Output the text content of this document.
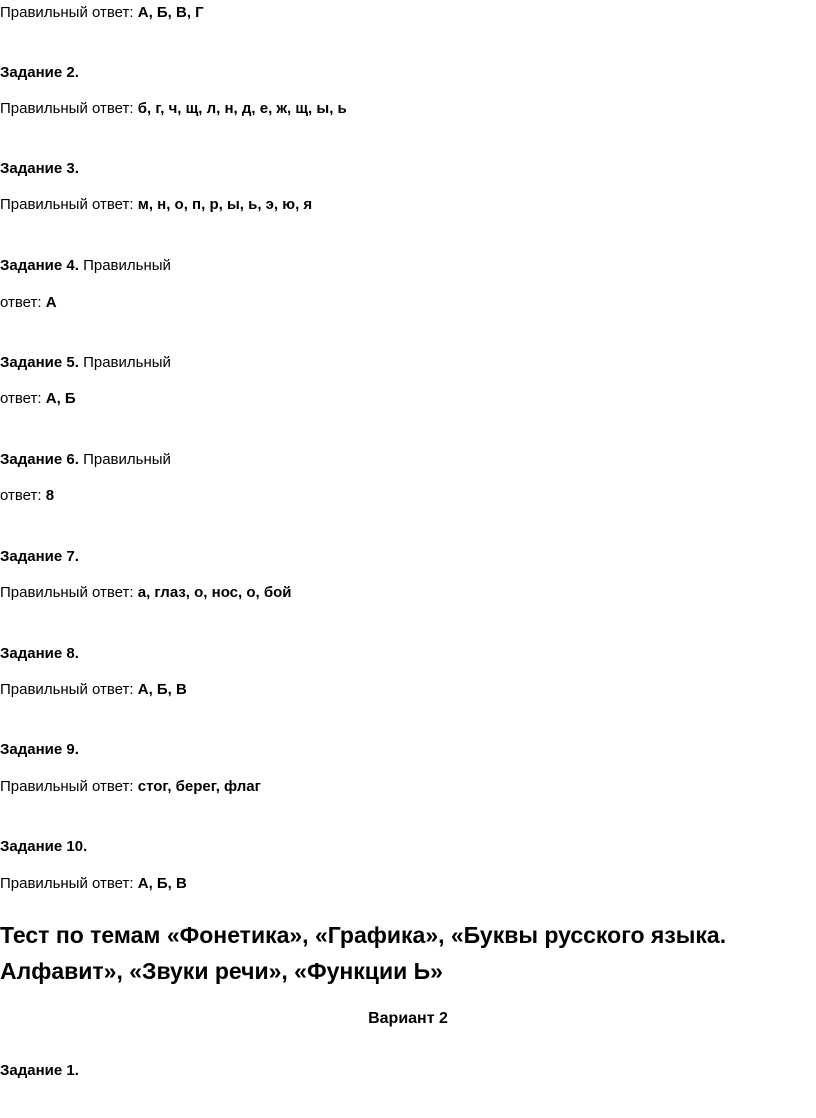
Правильный ответ: А, Б, В, Г
Задание 2.
Правильный ответ: б, г, ч, щ, л, н, д, е, ж, щ, ы, ь
Задание 3.
Правильный ответ: м, н, о, п, р, ы, ь, э, ю, я
Задание 4. Правильный
ответ: А
Задание 5. Правильный
ответ: А, Б
Задание 6. Правильный
ответ: 8
Задание 7.
Правильный ответ: а, глаз, о, нос, о, бой
Задание 8.
Правильный ответ: А, Б, В
Задание 9.
Правильный ответ: стог, берег, флаг
Задание 10.
Правильный ответ: А, Б, В
Тест по темам «Фонетика», «Графика», «Буквы русского языка.
Алфавит», «Звуки речи», «Функции Ь»
Вариант 2
Задание 1.
